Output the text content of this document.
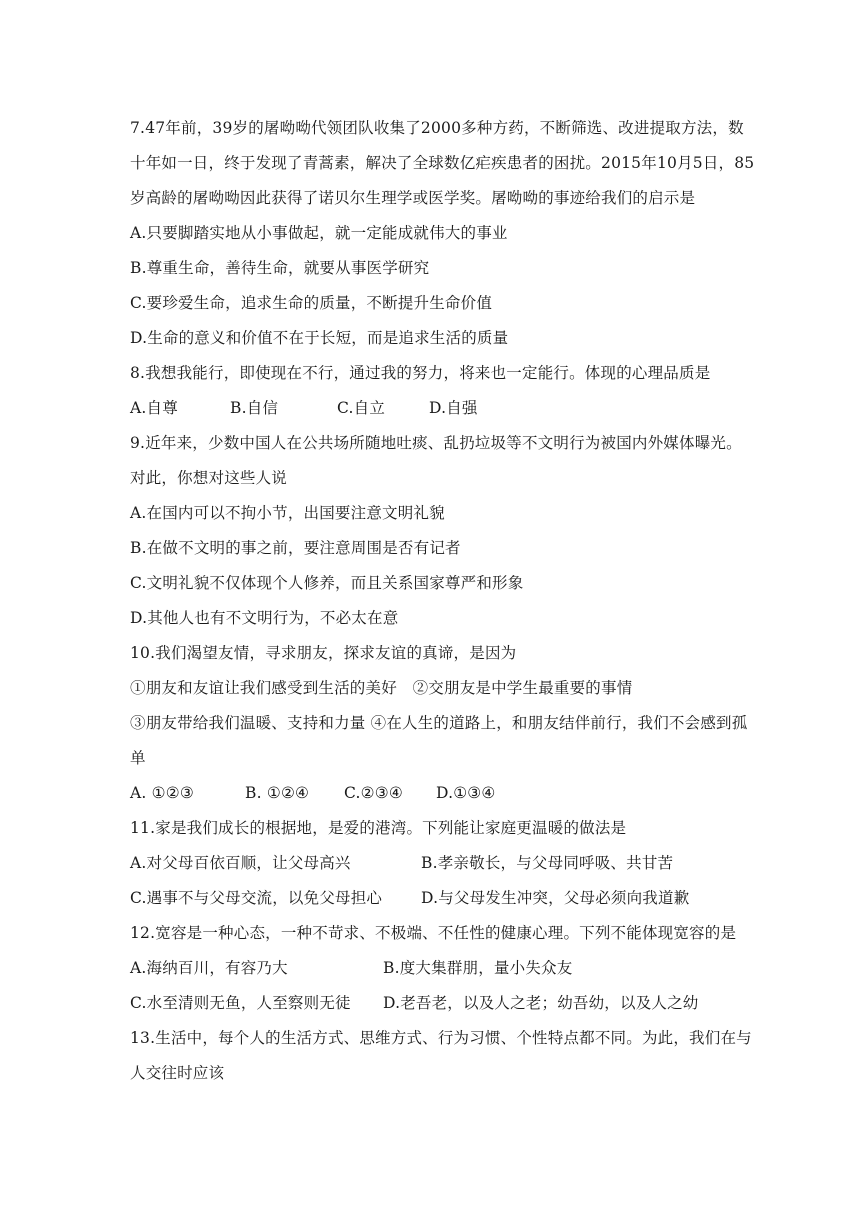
7.47年前，39岁的屠呦呦代领团队收集了2000多种方药，不断筛选、改进提取方法，数
十年如一日，终于发现了青蒿素，解决了全球数亿疟疾患者的困扰。2015年10月5日，85
岁高龄的屠呦呦因此获得了诺贝尔生理学或医学奖。屠呦呦的事迹给我们的启示是
A.只要脚踏实地从小事做起，就一定能成就伟大的事业
B.尊重生命，善待生命，就要从事医学研究
C.要珍爱生命，追求生命的质量，不断提升生命价值
D.生命的意义和价值不在于长短，而是追求生活的质量
8.我想我能行，即使现在不行，通过我的努力，将来也一定能行。体现的心理品质是
A.自尊	B.自信	C.自立	D.自强
9.近年来，少数中国人在公共场所随地吐痰、乱扔垃圾等不文明行为被国内外媒体曝光。
对此，你想对这些人说
A.在国内可以不拘小节，出国要注意文明礼貌
B.在做不文明的事之前，要注意周围是否有记者
C.文明礼貌不仅体现个人修养，而且关系国家尊严和形象
D.其他人也有不文明行为，不必太在意
10.我们渴望友情，寻求朋友，探求友谊的真谛，是因为
①朋友和友谊让我们感受到生活的美好　②交朋友是中学生最重要的事情
③朋友带给我们温暖、支持和力量 ④在人生的道路上，和朋友结伴前行，我们不会感到孤
单
A. ①②③	B. ①②④ C.②③④ D.①③④
11.家是我们成长的根据地，是爱的港湾。下列能让家庭更温暖的做法是
A.对父母百依百顺，让父母高兴	B.孝亲敬长，与父母同呼吸、共甘苦
C.遇事不与父母交流，以免父母担心	D.与父母发生冲突，父母必须向我道歉
12.宽容是一种心态，一种不苛求、不极端、不任性的健康心理。下列不能体现宽容的是
A.海纳百川，有容乃大	B.度大集群朋，量小失众友
C.水至清则无鱼，人至察则无徒 D.老吾老，以及人之老；幼吾幼，以及人之幼
13.生活中，每个人的生活方式、思维方式、行为习惯、个性特点都不同。为此，我们在与
人交往时应该
